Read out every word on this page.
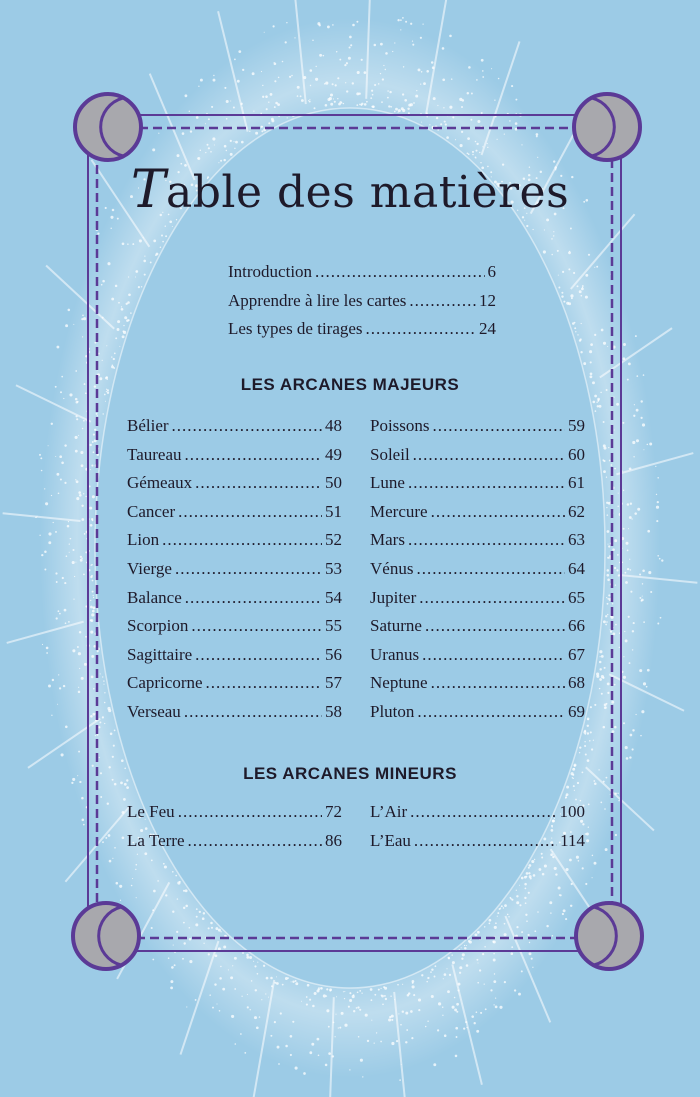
Table des matières
Introduction .....	6
Apprendre à lire les cartes .....	12
Les types de tirages .....	24
LES ARCANES MAJEURS
Bélier .....	48
Taureau .....	49
Gémeaux .....	50
Cancer .....	51
Lion .....	52
Vierge .....	53
Balance .....	54
Scorpion .....	55
Sagittaire .....	56
Capricorne .....	57
Verseau .....	58
Poissons .....	59
Soleil .....	60
Lune .....	61
Mercure .....	62
Mars .....	63
Vénus .....	64
Jupiter .....	65
Saturne .....	66
Uranus .....	67
Neptune .....	68
Pluton .....	69
LES ARCANES MINEURS
Le Feu .....	72
La Terre .....	86
L’Air .....	100
L’Eau .....	114
